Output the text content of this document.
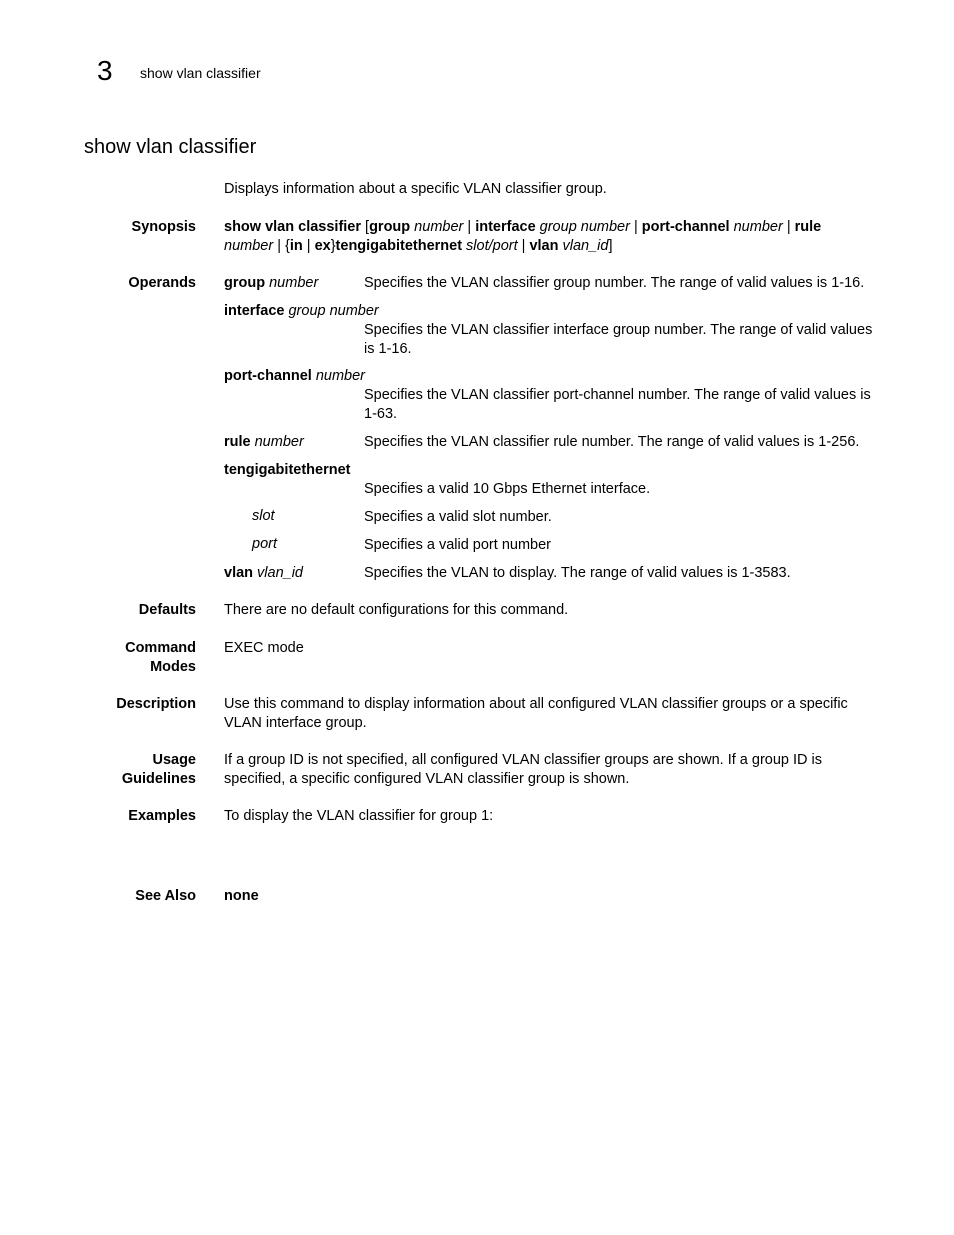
3 show vlan classifier
show vlan classifier
Displays information about a specific VLAN classifier group.
Synopsis show vlan classifier [group number | interface group number | port-channel number | rule
number | {in | ex}tengigabitethernet slot/port | vlan vlan_id]
Operands group number	Specifies the VLAN classifier group number. The range of valid values is 1-16.
interface group number
Specifies the VLAN classifier interface group number. The range of valid values is 1-16.
port-channel number
Specifies the VLAN classifier port-channel number. The range of valid values is 1-63.
rule number	Specifies the VLAN classifier rule number. The range of valid values is 1-256.
tengigabitethernet
Specifies a valid 10 Gbps Ethernet interface.
slot	Specifies a valid slot number.
port	Specifies a valid port number
vlan vlan_id	Specifies the VLAN to display. The range of valid values is 1-3583.
Defaults There are no default configurations for this command.
Command
Modes
EXEC mode
Description Use this command to display information about all configured VLAN classifier groups or a specific VLAN interface group.
Usage
Guidelines
If a group ID is not specified, all configured VLAN classifier groups are shown. If a group ID is specified, a specific configured VLAN classifier group is shown.
Examples To display the VLAN classifier for group 1:
See Also none
